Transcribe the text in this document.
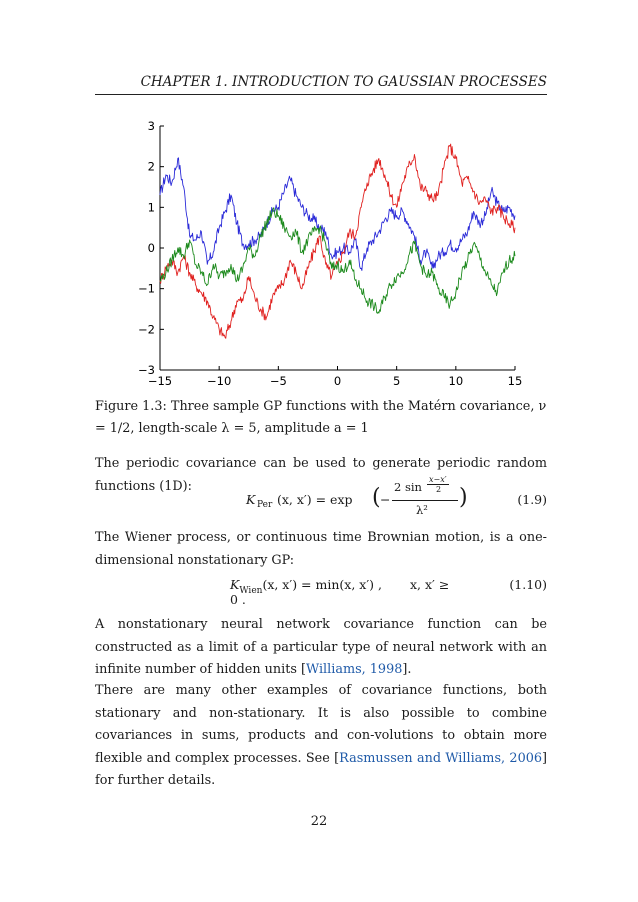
CHAPTER 1. INTRODUCTION TO GAUSSIAN PROCESSES
−15	−10	−5	0	5	10	15
−3
−2
−1
0
1
2
3
Figure 1.3: Three sample GP functions with the Matérn covariance, ν = 1/2, length-scale λ = 5, amplitude a = 1
The periodic covariance can be used to generate periodic random functions (1D):
K Per (x, x′) = exp ( −
2 sin
x−x′
2
λ² )	(1.9)
The Wiener process, or continuous time Brownian motion, is a one-dimensional nonstationary GP:
$K_{Wien}(x$, x′) = min(x, x′) , x, x′ ≥ 0 .
(1.10)
A nonstationary neural network covariance function can be constructed as a limit of a particular type of neural network with an infinite number of hidden units [Williams, 1998].
There are many other examples of covariance functions, both stationary and non-stationary. It is also possible to combine covariances in sums, products and con-volutions to obtain more flexible and complex processes. See [Rasmussen and Williams, 2006] for further details.
22
